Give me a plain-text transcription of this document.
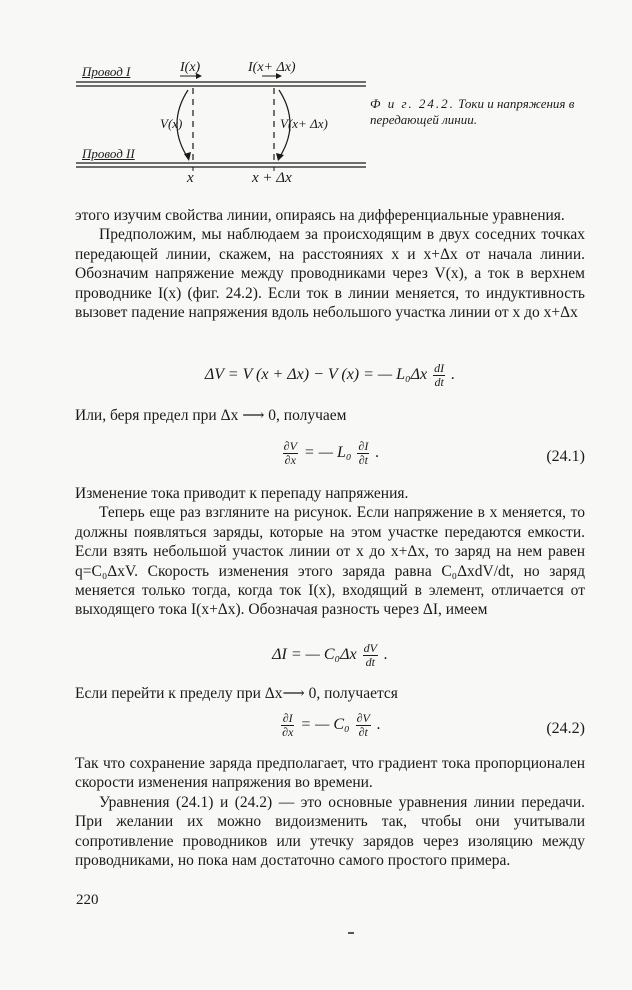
Провод I
Провод II
I(x)	I(x+ Δx)
V(x)	V(x+ Δx)
x	x + Δx
Ф и г. 24.2. Токи и напряжения в передающей линии.

этого изучим свойства линии, опираясь на дифференциальные уравнения.

Предположим, мы наблюдаем за происходящим в двух соседних точках передающей линии, скажем, на расстояниях x и x+Δx от начала линии. Обозначим напряжение между проводниками через V(x), а ток в верхнем проводнике I(x) (фиг. 24.2). Если ток в линии меняется, то индуктивность вызовет падение напряжения вдоль небольшого участка линии от x до x+Δx

ΔV = V (x + Δx) − V (x) = — $L_0\Delta x \frac{dI}{dt}$ .

Или, беря предел при Δx ⟶ 0, получаем

$\frac{\partial V}{\partial x}$ = — $L_0 \frac{\partial I}{\partial t}$ .	(24.1)

Изменение тока приводит к перепаду напряжения.

Теперь еще раз взгляните на рисунок. Если напряжение в x меняется, то должны появляться заряды, которые на этом участке передаются емкости. Если взять небольшой участок линии от x до x+Δx, то заряд на нем равен q=C₀ΔxV. Скорость изменения этого заряда равна C₀ΔxdV/dt, но заряд меняется только тогда, когда ток I(x), входящий в элемент, отличается от выходящего тока I(x+Δx). Обозначая разность через ΔI, имеем

ΔI = — $C_0\Delta x \frac{dV}{dt}$ .

Если перейти к пределу при Δx⟶ 0, получается

$\frac{\partial I}{\partial x}$ = — $C_0 \frac{\partial V}{\partial t}$ .	(24.2)

Так что сохранение заряда предполагает, что градиент тока пропорционален скорости изменения напряжения во времени.

Уравнения (24.1) и (24.2) — это основные уравнения линии передачи. При желании их можно видоизменить так, чтобы они учитывали сопротивление проводников или утечку зарядов через изоляцию между проводниками, но пока нам достаточно самого простого примера.

220
